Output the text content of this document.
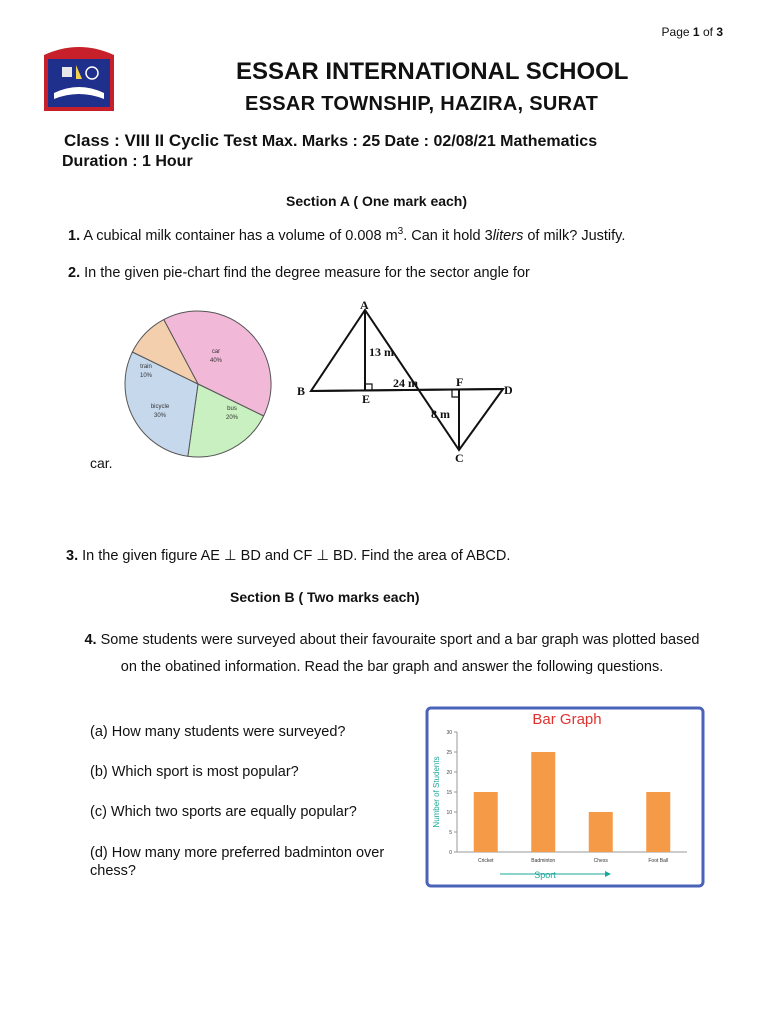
Page 1 of 3
ESSAR INTERNATIONAL SCHOOL
ESSAR TOWNSHIP, HAZIRA, SURAT
Class : VIII II Cyclic Test Max. Marks : 25 Date : 02/08/21 Mathematics
Duration : 1 Hour
Section A ( One mark each)
1. A cubical milk container has a volume of 0.008 $m^3$. Can it hold 3liters of milk? Justify.
2. In the given pie-chart find the degree measure for the sector angle for
car
40%
bus
20%
bicycle
30%
train
10%
A
B
C
D
E
F
13 m
24 m
8 m
car.
3. In the given figure AE ⊥ BD and CF ⊥ BD. Find the area of ABCD.
Section B ( Two marks each)
4. Some students were surveyed about their favouraite sport and a bar graph was plotted based on the obatined information. Read the bar graph and answer the following questions.
(a) How many students were surveyed?
(b) Which sport is most popular?
(c) Which two sports are equally popular?
(d) How many more preferred badminton over chess?
Bar Graph
0
5
10
15
20
25
30
Cricket	Badminton	Chess	Foot Ball
Number of Students
Sport
